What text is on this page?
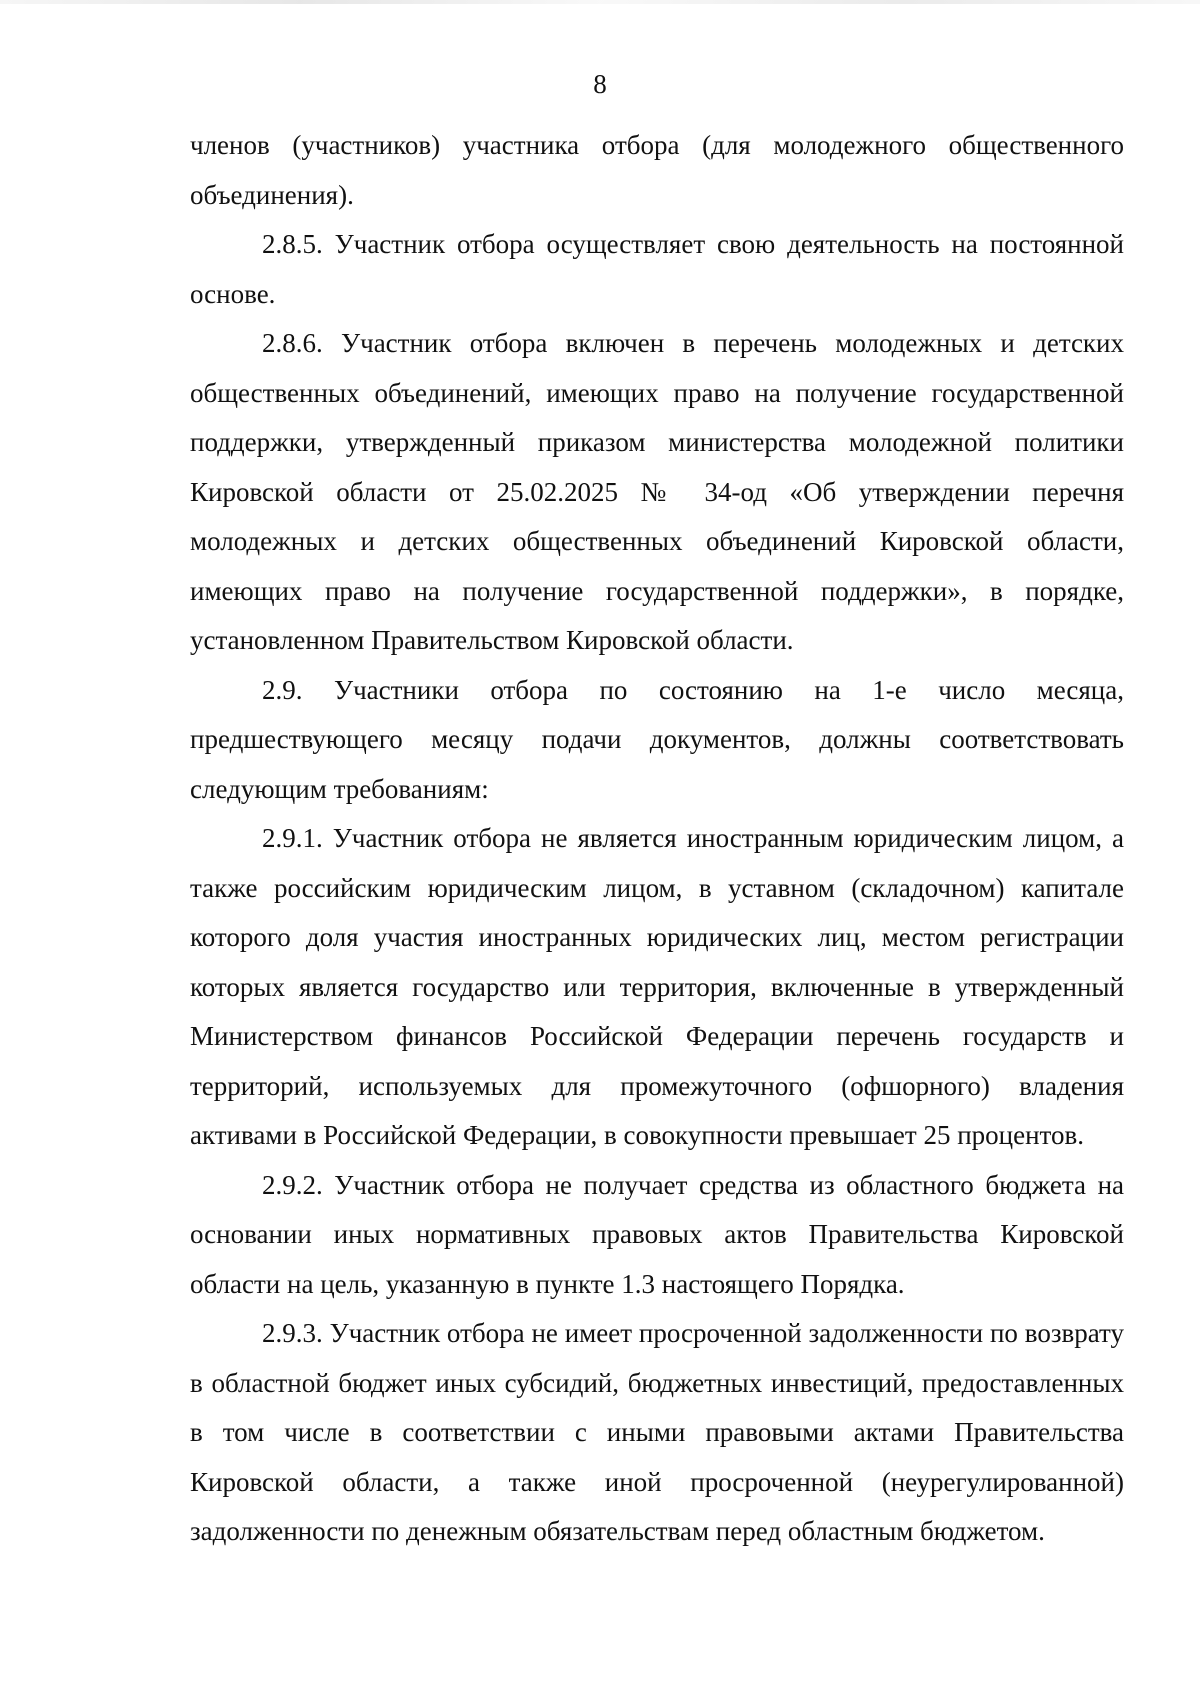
8

членов (участников) участника отбора (для молодежного общественного объединения).

2.8.5. Участник отбора осуществляет свою деятельность на постоянной основе.

2.8.6. Участник отбора включен в перечень молодежных и детских общественных объединений, имеющих право на получение государственной поддержки, утвержденный приказом министерства молодежной политики Кировской области от 25.02.2025 № 34-од «Об утверждении перечня молодежных и детских общественных объединений Кировской области, имеющих право на получение государственной поддержки», в порядке, установленном Правительством Кировской области.

2.9. Участники отбора по состоянию на 1-е число месяца, предшествующего месяцу подачи документов, должны соответствовать следующим требованиям:

2.9.1. Участник отбора не является иностранным юридическим лицом, а также российским юридическим лицом, в уставном (складочном) капитале которого доля участия иностранных юридических лиц, местом регистрации которых является государство или территория, включенные в утвержденный Министерством финансов Российской Федерации перечень государств и территорий, используемых для промежуточного (офшорного) владения активами в Российской Федерации, в совокупности превышает 25 процентов.

2.9.2. Участник отбора не получает средства из областного бюджета на основании иных нормативных правовых актов Правительства Кировской области на цель, указанную в пункте 1.3 настоящего Порядка.

2.9.3. Участник отбора не имеет просроченной задолженности по возврату в областной бюджет иных субсидий, бюджетных инвестиций, предоставленных в том числе в соответствии с иными правовыми актами Правительства Кировской области, а также иной просроченной (неурегулированной) задолженности по денежным обязательствам перед областным бюджетом.
